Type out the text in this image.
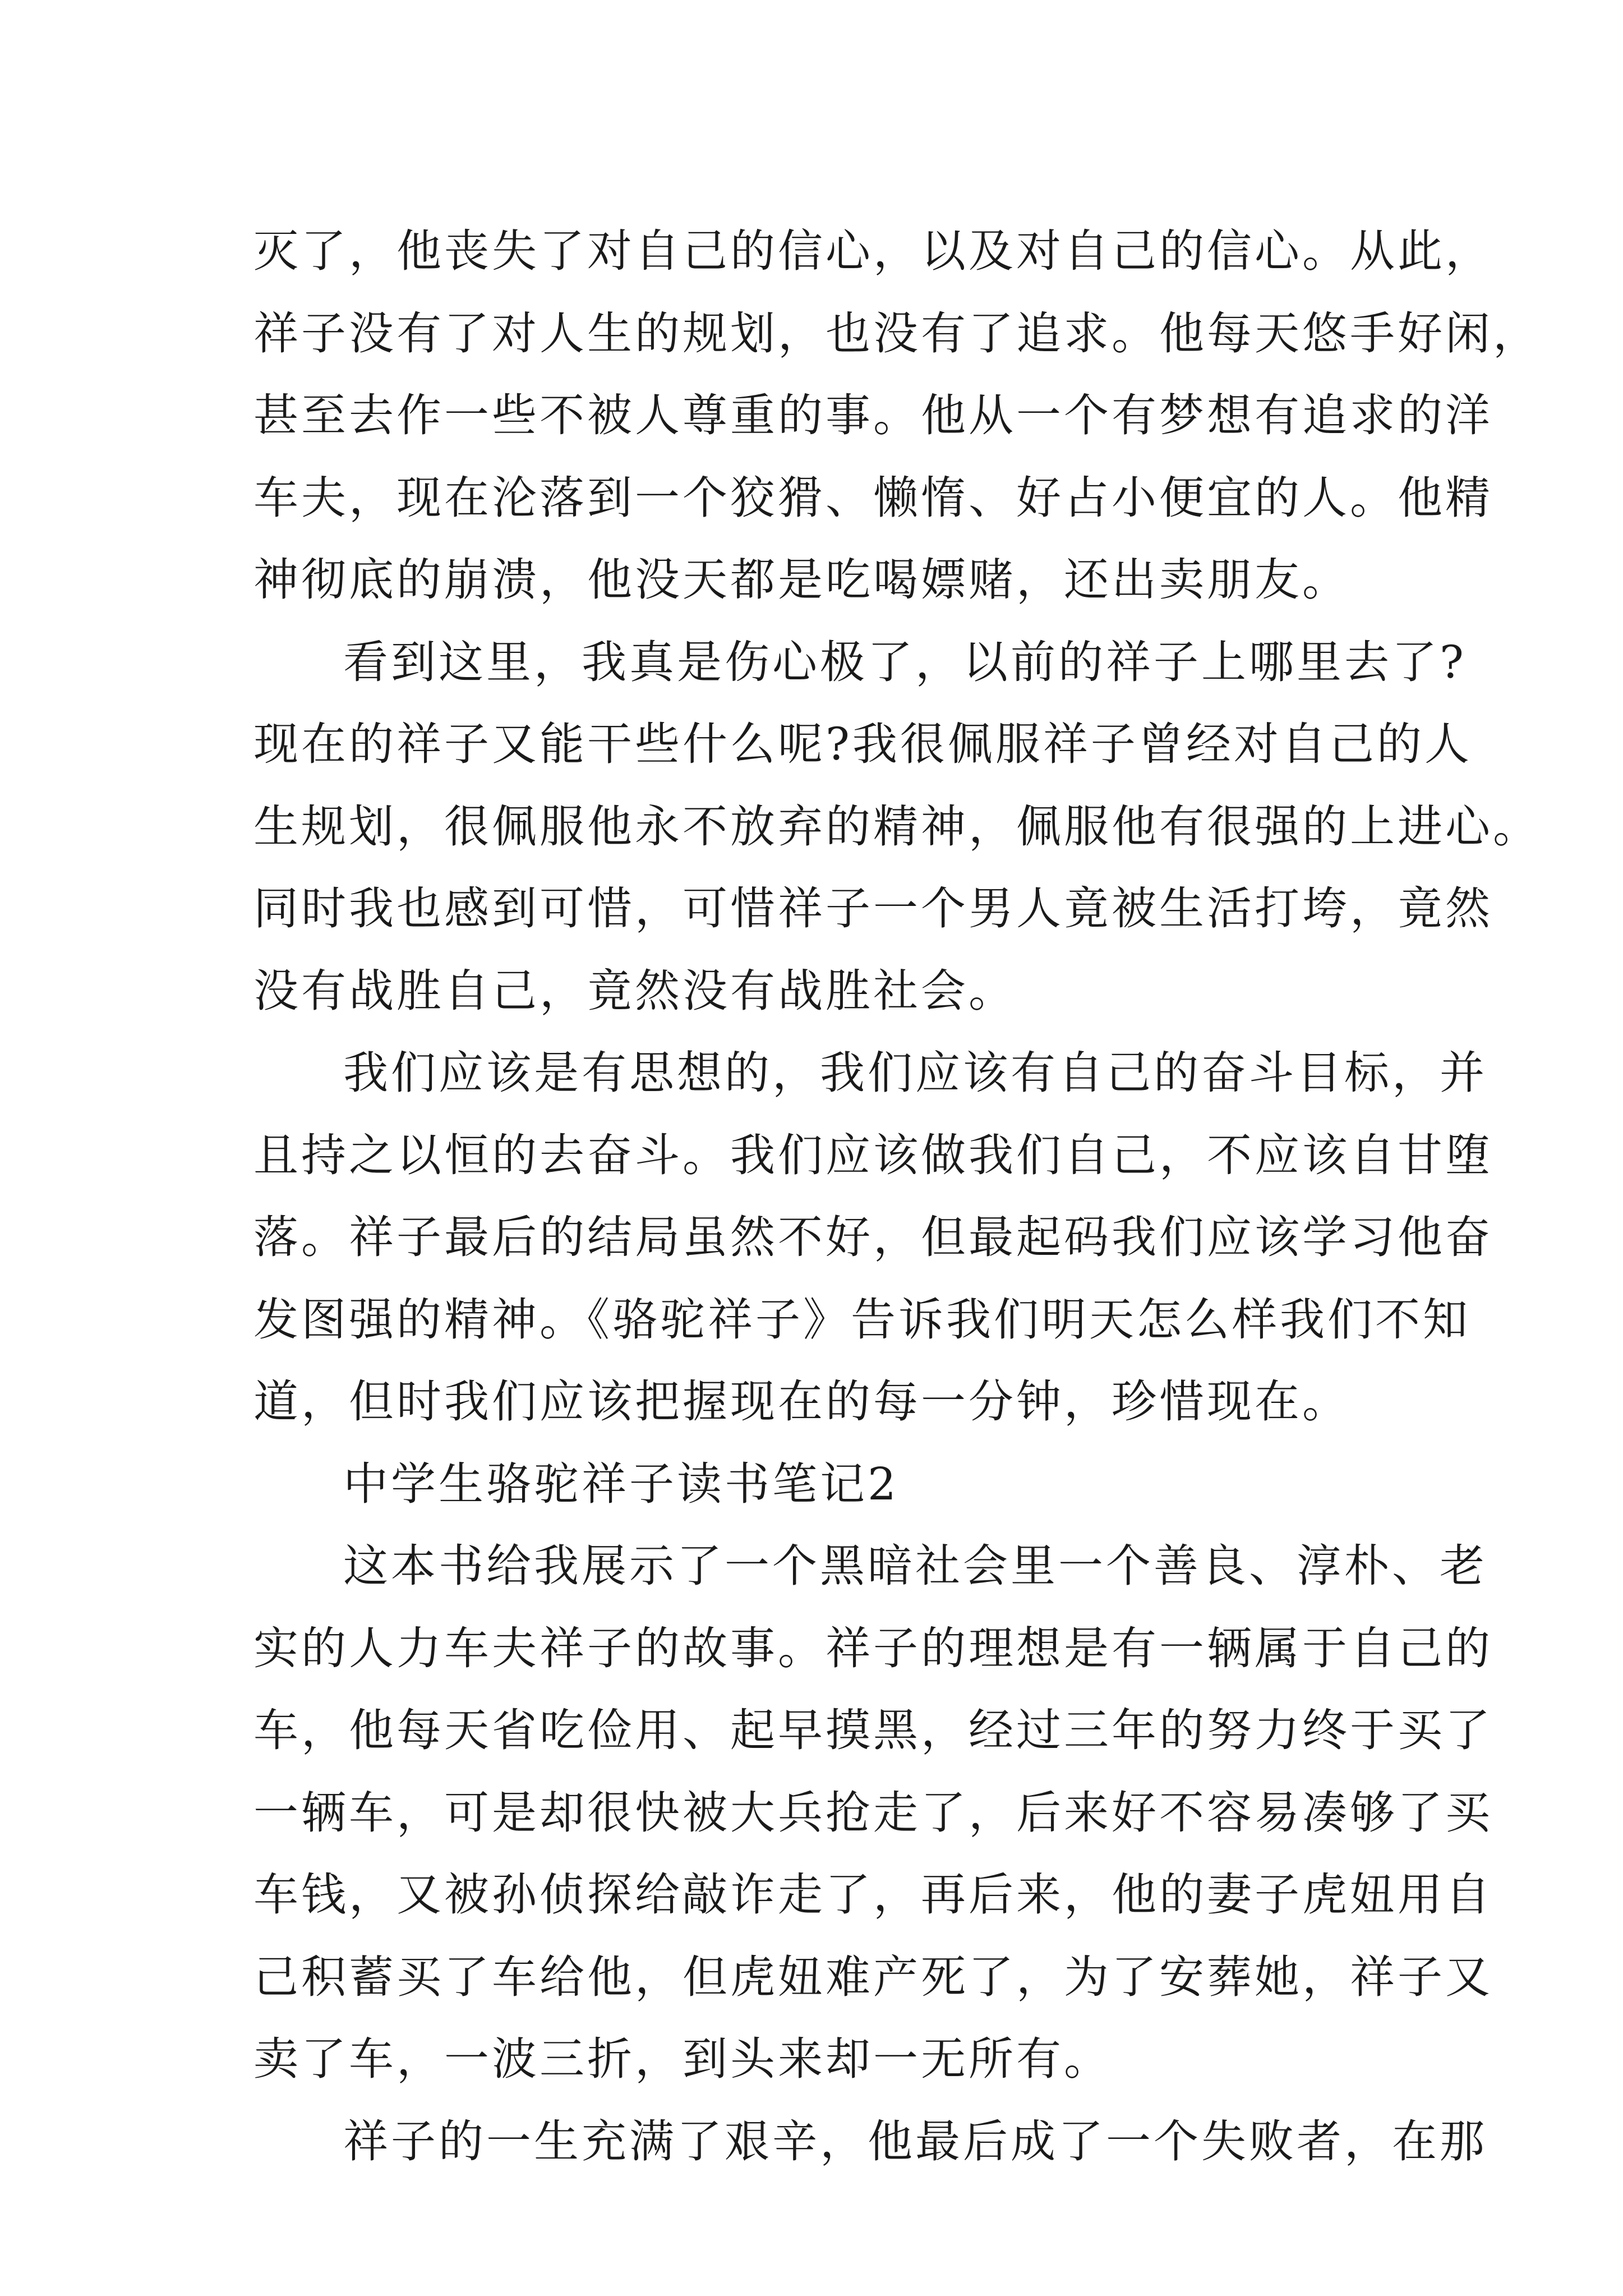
灭了，他丧失了对自己的信心，以及对自己的信心。从此，
祥子没有了对人生的规划，也没有了追求。他每天悠手好闲，
甚至去作一些不被人尊重的事。他从一个有梦想有追求的洋
车夫，现在沦落到一个狡猾、懒惰、好占小便宜的人。他精
神彻底的崩溃，他没天都是吃喝嫖赌，还出卖朋友。
看到这里，我真是伤心极了，以前的祥子上哪里去了?
现在的祥子又能干些什么呢?我很佩服祥子曾经对自己的人
生规划，很佩服他永不放弃的精神，佩服他有很强的上进心。
同时我也感到可惜，可惜祥子一个男人竟被生活打垮，竟然
没有战胜自己，竟然没有战胜社会。
我们应该是有思想的，我们应该有自己的奋斗目标，并
且持之以恒的去奋斗。我们应该做我们自己，不应该自甘堕
落。祥子最后的结局虽然不好，但最起码我们应该学习他奋
发图强的精神。《骆驼祥子》告诉我们明天怎么样我们不知
道，但时我们应该把握现在的每一分钟，珍惜现在。
中学生骆驼祥子读书笔记2
这本书给我展示了一个黑暗社会里一个善良、淳朴、老
实的人力车夫祥子的故事。祥子的理想是有一辆属于自己的
车，他每天省吃俭用、起早摸黑，经过三年的努力终于买了
一辆车，可是却很快被大兵抢走了，后来好不容易凑够了买
车钱，又被孙侦探给敲诈走了，再后来，他的妻子虎妞用自
己积蓄买了车给他，但虎妞难产死了，为了安葬她，祥子又
卖了车，一波三折，到头来却一无所有。
祥子的一生充满了艰辛，他最后成了一个失败者，在那
